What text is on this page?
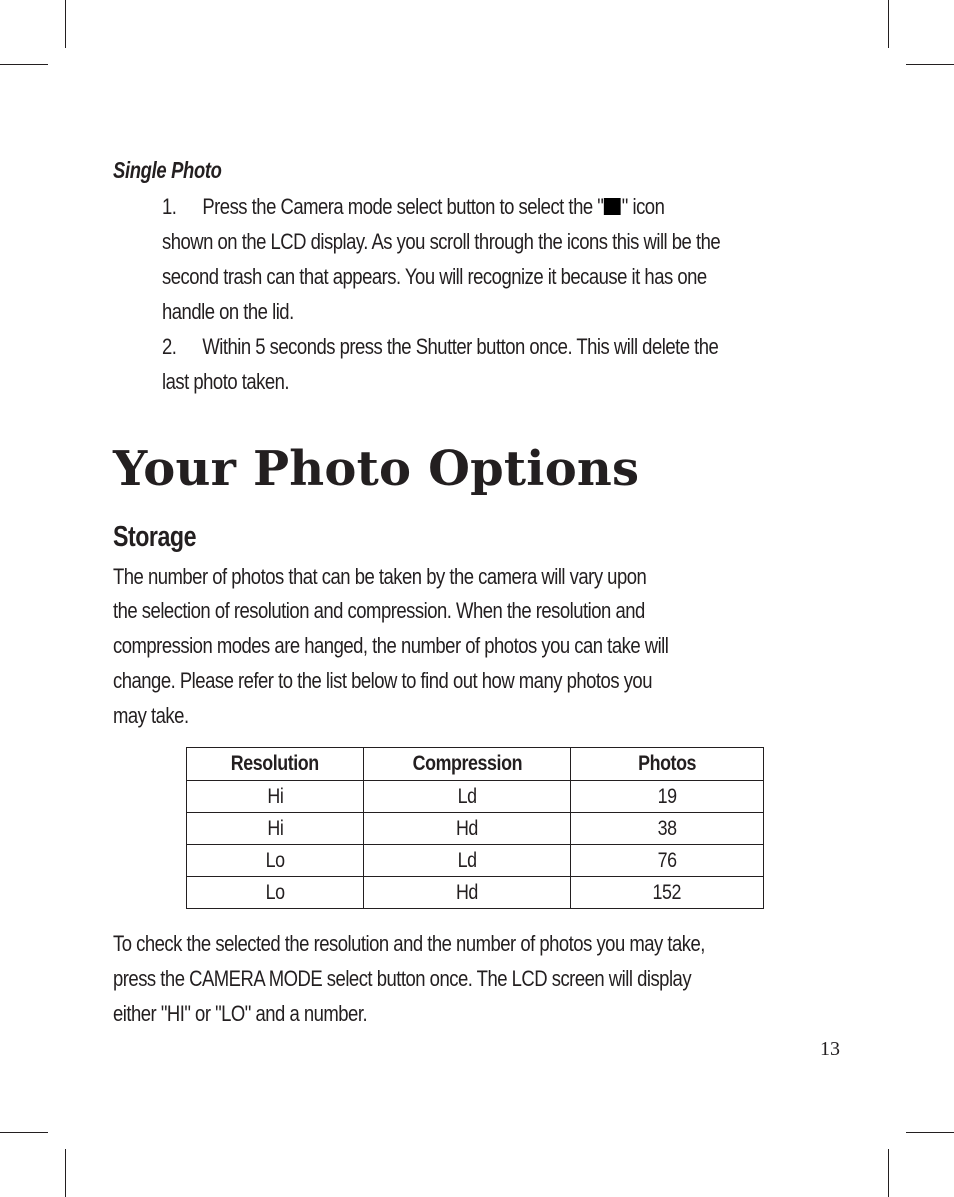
Single Photo
1. Press the Camera mode select button to select the " " icon
shown on the LCD display. As you scroll through the icons this will be the
second trash can that appears. You will recognize it because it has one
handle on the lid.
2. Within 5 seconds press the Shutter button once. This will delete the
last photo taken.
Your Photo Options
Storage
The number of photos that can be taken by the camera will vary upon
the selection of resolution and compression. When the resolution and
compression modes are hanged, the number of photos you can take will
change. Please refer to the list below to find out how many photos you
may take.
Resolution	Compression	Photos
Hi	Ld	19
Hi	Hd	38
Lo	Ld	76
Lo	Hd	152
To check the selected the resolution and the number of photos you may take,
press the CAMERA MODE select button once. The LCD screen will display
either "HI" or "LO" and a number.
13
